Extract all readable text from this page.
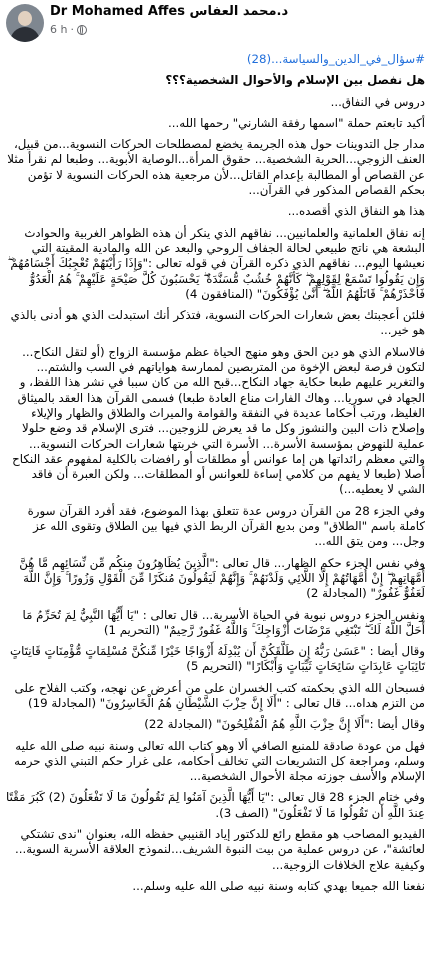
Dr Mohamed Affes د.محمد العفاس
6 h ·

#سؤال_في_الدين_والسياسة...(28)

هل نفصل بين الإسلام والأحوال الشخصية؟؟؟

دروس في النفاق...

أكيد تابعتم حملة "اسمها رفقة الشارني" رحمها الله...

مدار جل التدوينات حول هذه الجريمة يخضع لمصطلحات الحركات النسوية...من قبيل، العنف الزوجي...الحرية الشخصية... حقوق المرأة...الوصاية الأبوية... وطبعا لم نقرأ مثلا عن القصاص أو المطالبة بإعدام القاتل...لأن مرجعية هذه الحركات النسوية لا تؤمن بحكم القصاص المذكور في القرآن...

هذا هو النفاق الذي أقصده...

إنه نفاق العلمانية والعلمانيين... نفاقهم الذي ينكر أن هذه الظواهر الغربية والحوادث البشعة هي ناتج طبيعي لحالة الجفاف الروحي والبعد عن الله والمادية المقيتة التي نعيشها اليوم... نفاقهم الذي ذكره القرآن في قوله تعالى :"وَإِذَا رَأَيْتَهُمْ تُعْجِبُكَ أَجْسَامُهُمْ ۖ وَإِن يَقُولُوا تَسْمَعْ لِقَوْلِهِمْ ۖ كَأَنَّهُمْ خُشُبٌ مُّسَنَّدَةٌ ۖ يَحْسَبُونَ كُلَّ صَيْحَةٍ عَلَيْهِمْ ۚ هُمُ الْعَدُوُّ فَاحْذَرْهُمْ ۚ قَاتَلَهُمُ اللَّهُ ۖ أَنَّىٰ يُؤْفَكُونَ" (المنافقون 4)

فلئن أعجبتك بعض شعارات الحركات النسوية، فتذكر أنك استبدلت الذي هو أدنى بالذي هو خير...

فالاسلام الذي هو دين الحق وهو منهج الحياة عظم مؤسسة الزواج (أو لتقل النكاح... لتكون فرصة لبعض الإخوة من المتربصين لممارسة هواياتهم في السب والشتم... والتغرير عليهم طبعا حكاية جهاد النكاح...قبح الله من كان سببا في نشر هذا اللفظ، و الجهاد في سوريا... وهاك الفارات مناع العادة طبعا) فسمى القرآن هذا العقد بالميثاق الغليظ، ورتب أحكاما عديدة في النفقة والقوامة والميراث والطلاق والظهار والإيلاء وإصلاح ذات البين والنشوز وكل ما قد يعرض للزوجين... فترى الإسلام قد وضع حلولا عملية للنهوض بمؤسسة الأسرة... الأسرة التي خربتها شعارات الحركات النسوية... والتي معظم رائداتها هن إما عوانس أو مطلقات أو رافضات بالكلية لمفهوم عقد النكاح أصلا (طبعا لا يفهم من كلامي إساءة للعوانس أو المطلقات... ولكن العبرة أن فاقد الشي لا يعطيه...)

وفي الجزء 28 من القرآن دروس عدة تتعلق بهذا الموضوع، فقد أفرد القرآن سورة كاملة باسم "الطلاق" ومن بديع القرآن الربط الذي فيها بين الطلاق وتقوى الله عز وجل... ومن يتق الله...

وفي نفس الجزء حكم الظهار... قال تعالى :"الَّذِينَ يُظَاهِرُونَ مِنكُم مِّن نِّسَائِهِم مَّا هُنَّ أُمَّهَاتِهِمْ ۖ إِنْ أُمَّهَاتُهُمْ إِلَّا اللَّائِي وَلَدْنَهُمْ ۚ وَإِنَّهُمْ لَيَقُولُونَ مُنكَرًا مِّنَ الْقَوْلِ وَزُورًا ۚ وَإِنَّ اللَّهَ لَعَفُوٌّ غَفُورٌ" (المجادلة 2)

ونفس الجزء دروس نبوية في الحياة الأسرية... قال تعالى : "يَا أَيُّهَا النَّبِيُّ لِمَ تُحَرِّمُ مَا أَحَلَّ اللَّهُ لَكَ ۖ تَبْتَغِي مَرْضَاتَ أَزْوَاجِكَ ۚ وَاللَّهُ غَفُورٌ رَّحِيمٌ" (التحريم 1)

وقال أيضا : "عَسَىٰ رَبُّهُ إِن طَلَّقَكُنَّ أَن يُبْدِلَهُ أَزْوَاجًا خَيْرًا مِّنكُنَّ مُسْلِمَاتٍ مُّؤْمِنَاتٍ قَانِتَاتٍ تَائِبَاتٍ عَابِدَاتٍ سَائِحَاتٍ ثَيِّبَاتٍ وَأَبْكَارًا" (التحريم 5)

فسبحان الله الذي بحكمته كتب الخسران على من أعرض عن نهجه، وكتب الفلاح على من التزم هداه... قال تعالى : "أَلَا إِنَّ حِزْبَ الشَّيْطَانِ هُمُ الْخَاسِرُونَ" (المجادلة 19)

وقال أيضا :"أَلَا إِنَّ حِزْبَ اللَّهِ هُمُ الْمُفْلِحُونَ" (المجادلة 22)

فهل من عودة صادقة للمنبع الصافي ألا وهو كتاب الله تعالى وسنة نبيه صلى الله عليه وسلم، ومراجعة كل التشريعات التي تخالف أحكامه، على غرار حكم التبني الذي حرمه الإسلام والأسف جوزته مجلة الأحوال الشخصية...

وفي ختام الجزء 28 قال تعالى :"يَا أَيُّهَا الَّذِينَ آمَنُوا لِمَ تَقُولُونَ مَا لَا تَفْعَلُونَ (2) كَبُرَ مَقْتًا عِندَ اللَّهِ أَن تَقُولُوا مَا لَا تَفْعَلُونَ" (الصف 3).

الفيديو المصاحب هو مقطع رائع للدكتور إياد القنيبي حفظه الله، بعنوان "ندى تشتكي لعائشة"، عن دروس عملية من بيت النبوة الشريف...لنموذج العلاقة الأسرية السوية... وكيفية علاج الخلافات الزوجية...

نفعنا الله جميعا بهدي كتابه وسنة نبيه صلى الله عليه وسلم...
